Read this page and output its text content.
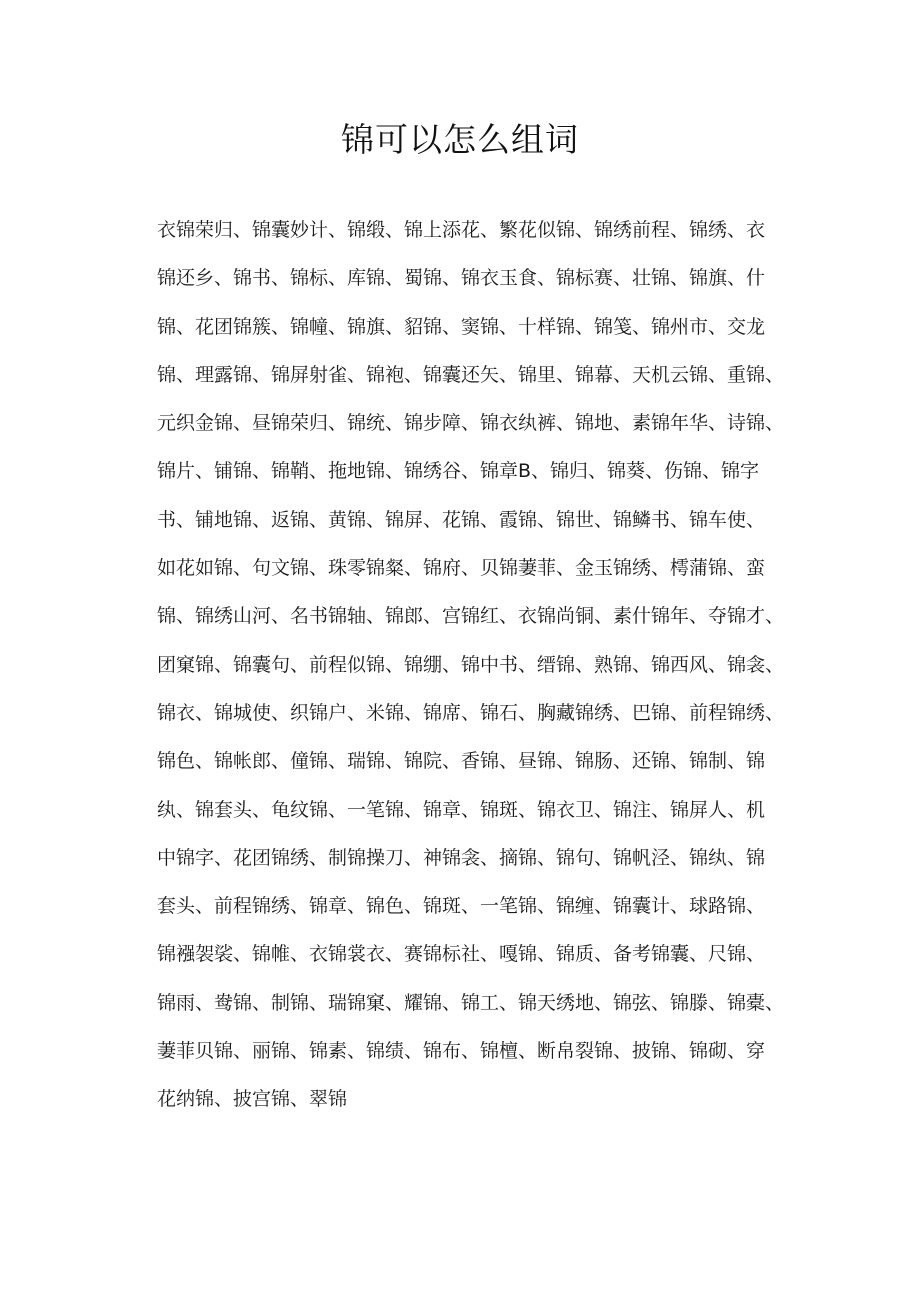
锦可以怎么组词
衣锦荣归、锦囊妙计、锦缎、锦上添花、繁花似锦、锦绣前程、锦绣、衣
锦还乡、锦书、锦标、库锦、蜀锦、锦衣玉食、锦标赛、壮锦、锦旗、什
锦、花团锦簇、锦幢、锦旗、貂锦、窦锦、十样锦、锦笺、锦州市、交龙
锦、理露锦、锦屏射雀、锦袍、锦囊还矢、锦里、锦幕、天机云锦、重锦、
元织金锦、昼锦荣归、锦统、锦步障、锦衣纨裤、锦地、素锦年华、诗锦、
锦片、铺锦、锦鞘、拖地锦、锦绣谷、锦章B、锦归、锦葵、伤锦、锦字
书、铺地锦、返锦、黄锦、锦屏、花锦、霞锦、锦世、锦鳞书、锦车使、
如花如锦、句文锦、珠零锦粲、锦府、贝锦萋菲、金玉锦绣、樗蒲锦、蛮
锦、锦绣山河、名书锦轴、锦郎、宫锦红、衣锦尚铜、素什锦年、夺锦才、
团窠锦、锦囊句、前程似锦、锦绷、锦中书、缙锦、熟锦、锦西风、锦衾、
锦衣、锦城使、织锦户、米锦、锦席、锦石、胸藏锦绣、巴锦、前程锦绣、
锦色、锦帐郎、僮锦、瑞锦、锦院、香锦、昼锦、锦肠、还锦、锦制、锦
纨、锦套头、龟纹锦、一笔锦、锦章、锦斑、锦衣卫、锦注、锦屏人、机
中锦字、花团锦绣、制锦操刀、神锦衾、摘锦、锦句、锦帆泾、锦纨、锦
套头、前程锦绣、锦章、锦色、锦斑、一笔锦、锦缠、锦囊计、球路锦、
锦襁袈裟、锦帷、衣锦裳衣、赛锦标社、嘎锦、锦质、备考锦囊、尺锦、
锦雨、鸯锦、制锦、瑞锦窠、耀锦、锦工、锦天绣地、锦弦、锦滕、锦橐、
萋菲贝锦、丽锦、锦素、锦绩、锦布、锦檀、断帛裂锦、披锦、锦砌、穿
花纳锦、披宫锦、翠锦
